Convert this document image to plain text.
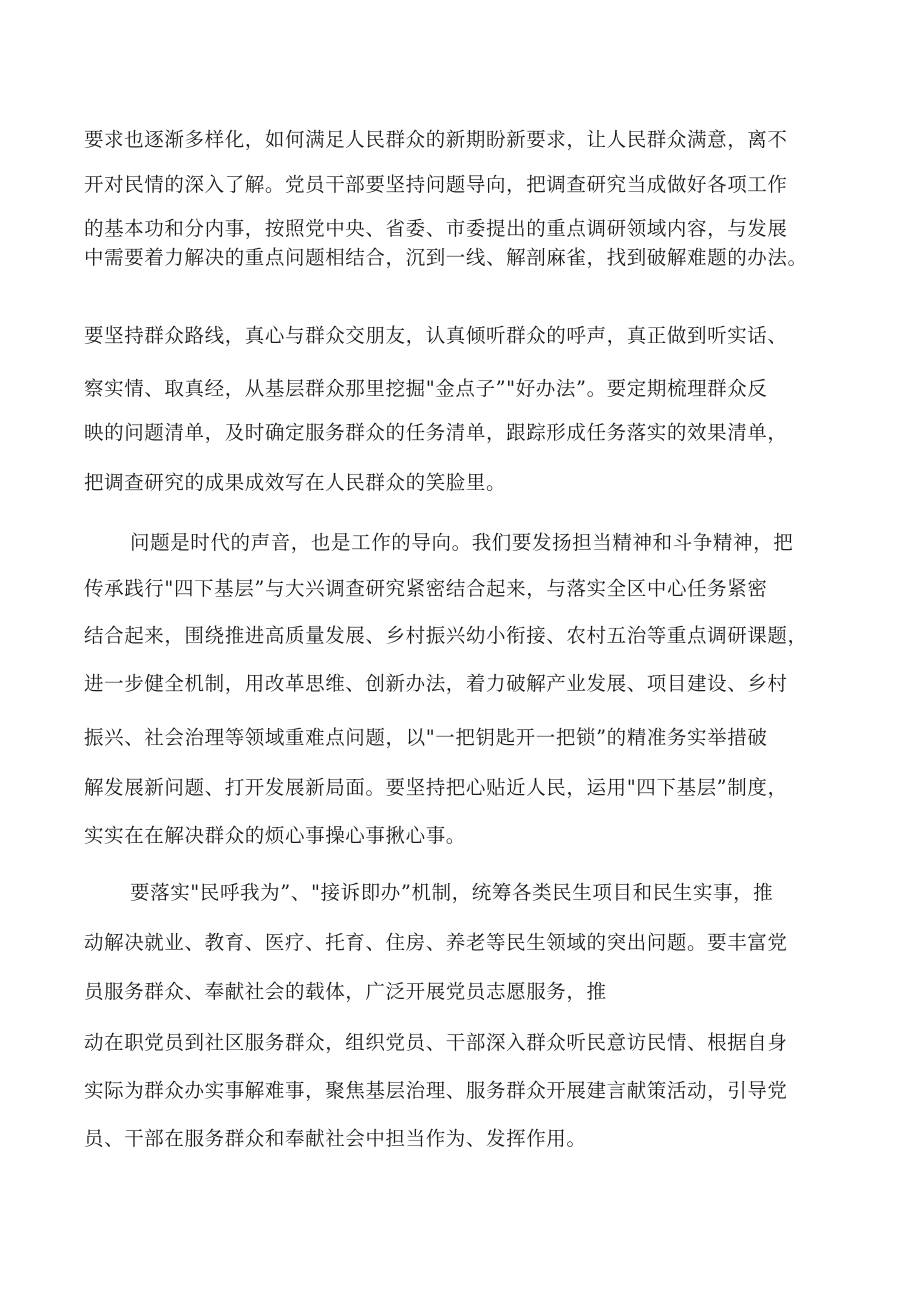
要求也逐渐多样化，如何满足人民群众的新期盼新要求，让人民群众满意，离不
开对民情的深入了解。党员干部要坚持问题导向，把调查研究当成做好各项工作
的基本功和分内事，按照党中央、省委、市委提出的重点调研领域内容，与发展
中需要着力解决的重点问题相结合，沉到一线、解剖麻雀，找到破解难题的办法。
要坚持群众路线，真心与群众交朋友，认真倾听群众的呼声，真正做到听实话、
察实情、取真经，从基层群众那里挖掘"金点子”"好办法”。要定期梳理群众反
映的问题清单，及时确定服务群众的任务清单，跟踪形成任务落实的效果清单，
把调查研究的成果成效写在人民群众的笑脸里。
问题是时代的声音，也是工作的导向。我们要发扬担当精神和斗争精神，把
传承践行"四下基层”与大兴调查研究紧密结合起来，与落实全区中心任务紧密
结合起来，围绕推进高质量发展、乡村振兴幼小衔接、农村五治等重点调研课题，
进一步健全机制，用改革思维、创新办法，着力破解产业发展、项目建设、乡村
振兴、社会治理等领域重难点问题，以"一把钥匙开一把锁”的精准务实举措破
解发展新问题、打开发展新局面。要坚持把心贴近人民，运用"四下基层”制度，
实实在在解决群众的烦心事操心事揪心事。
要落实"民呼我为”、"接诉即办”机制，统筹各类民生项目和民生实事，推
动解决就业、教育、医疗、托育、住房、养老等民生领域的突出问题。要丰富党
员服务群众、奉献社会的载体，广泛开展党员志愿服务，推
动在职党员到社区服务群众，组织党员、干部深入群众听民意访民情、根据自身
实际为群众办实事解难事，聚焦基层治理、服务群众开展建言献策活动，引导党
员、干部在服务群众和奉献社会中担当作为、发挥作用。
